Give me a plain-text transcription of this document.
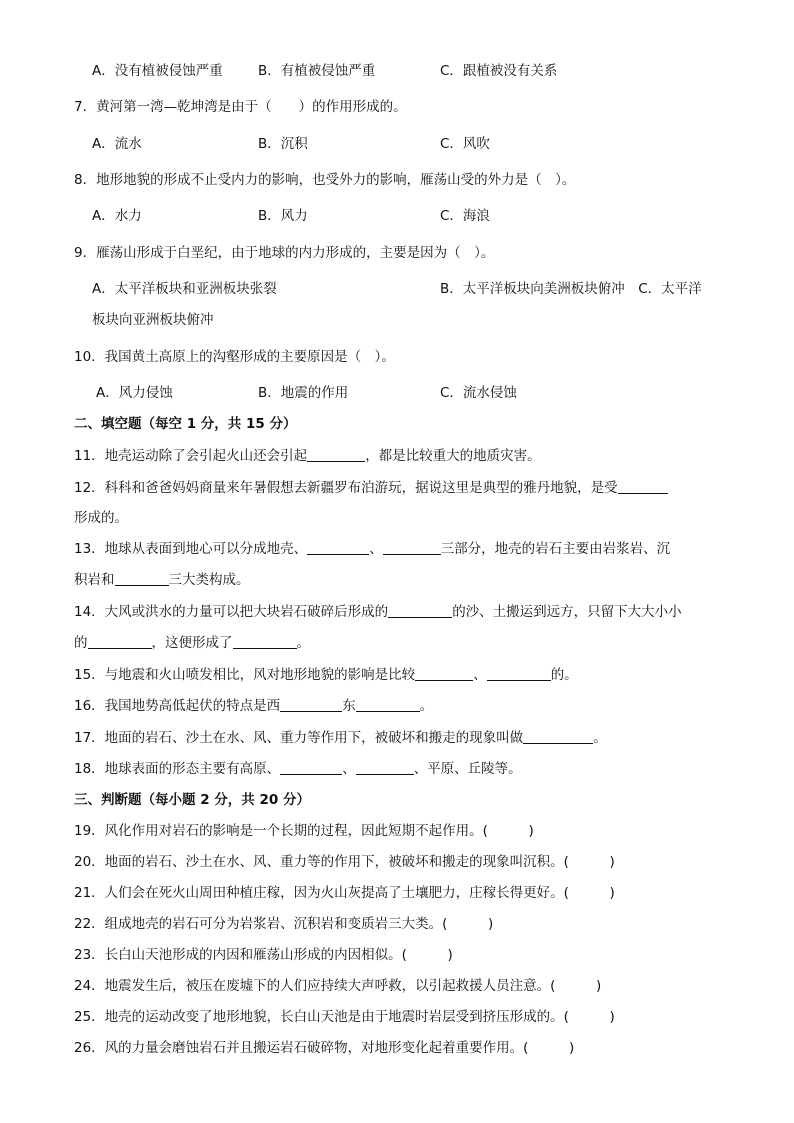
A．没有植被侵蚀严重	B．有植被侵蚀严重	C．跟植被没有关系
7．黄河第一湾—乾坤湾是由于（　　）的作用形成的。
A．流水	B．沉积	C．风吹
8．地形地貌的形成不止受内力的影响，也受外力的影响，雁荡山受的外力是（　）。
A．水力	B．风力	C．海浪
9．雁荡山形成于白垩纪，由于地球的内力形成的，主要是因为（　）。
A．太平洋板块和亚洲板块张裂	B．太平洋板块向美洲板块俯冲　C．太平洋
板块向亚洲板块俯冲
10．我国黄土高原上的沟壑形成的主要原因是（　）。
A．风力侵蚀	B．地震的作用	C．流水侵蚀
二、填空题（每空 1 分，共 15 分）
11．地壳运动除了会引起火山还会引起	，都是比较重大的地质灾害。
12．科科和爸爸妈妈商量来年暑假想去新疆罗布泊游玩，据说这里是典型的雅丹地貌，是受
形成的。
13．地球从表面到地心可以分成地壳、	、	三部分，地壳的岩石主要由岩浆岩、沉
积岩和	三大类构成。
14．大风或洪水的力量可以把大块岩石破碎后形成的	的沙、土搬运到远方，只留下大大小小
的	，这便形成了	。
15．与地震和火山喷发相比，风对地形地貌的影响是比较	、	的。
16．我国地势高低起伏的特点是西	东	。
17．地面的岩石、沙土在水、风、重力等作用下，被破坏和搬走的现象叫做	。
18．地球表面的形态主要有高原、	、	、平原、丘陵等。
三、判断题（每小题 2 分，共 20 分）
19．风化作用对岩石的影响是一个长期的过程，因此短期不起作用。(　　　)
20．地面的岩石、沙土在水、风、重力等的作用下，被破坏和搬走的现象叫沉积。(　　　)
21．人们会在死火山周田种植庄稼，因为火山灰提高了土壤肥力，庄稼长得更好。(　　　)
22．组成地壳的岩石可分为岩浆岩、沉积岩和变质岩三大类。(　　　)
23．长白山天池形成的内因和雁荡山形成的内因相似。(　　　)
24．地震发生后，被压在废墟下的人们应持续大声呼救，以引起救援人员注意。(　　　)
25．地壳的运动改变了地形地貌，长白山天池是由于地震时岩层受到挤压形成的。(　　　)
26．风的力量会磨蚀岩石并且搬运岩石破碎物，对地形变化起着重要作用。(　　　)
